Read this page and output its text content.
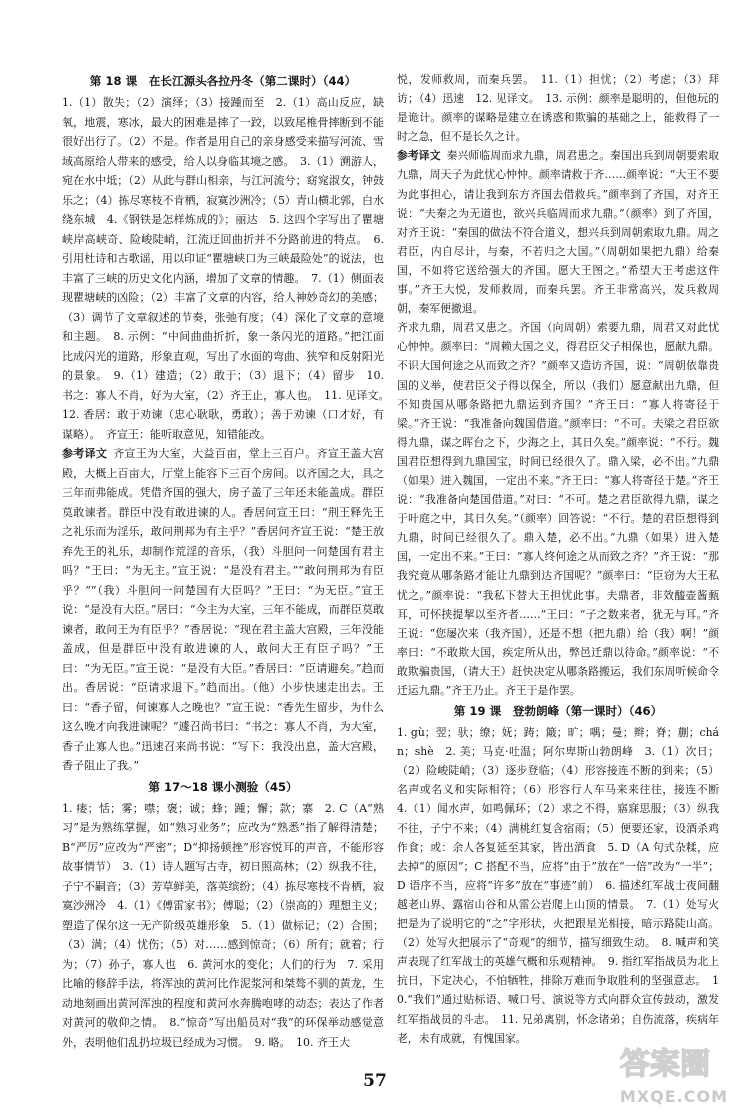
第 18 课　在长江源头各拉丹冬（第二课时）（44）

1.（1）散失；（2）演绎；（3）接踵而至　2.（1）高山反应，缺氧，地震，寒冰，最大的困难是摔了一跤，以致尾椎骨摔断到不能很好出行了。（2）不是。作者是用自己的亲身感受来描写河流、雪域高原给人带来的感受，给人以身临其境之感。　3.（1）溯游人，宛在水中坻；（2）从此与群山相亲，与江河流兮；窈窕淑女，钟鼓乐之；（4）拣尽寒枝不肯栖，寂寞沙洲冷；（5）青山横北郭，白水绕东城　4.《钢铁是怎样炼成的》；丽达　5. 这四个字写出了瞿塘峡岸高峡奇、险峻陡峭，江流迂回曲折并不分路前进的特点。　6. 引用杜诗和古歌谣，用以印证“瞿塘峡口为三峡最险处”的说法，也丰富了三峡的历史文化内涵，增加了文章的情趣。　7.（1）侧面表现瞿塘峡的凶险；（2）丰富了文章的内容，给人神妙奇幻的美感；（3）调节了文章叙述的节奏，张弛有度；（4）深化了文章的意境和主题。　8. 示例：“中间曲曲折折，象一条闪光的道路。”把江面比成闪光的道路，形象直观，写出了水面的弯曲、狭窄和反射阳光的景象。　9.（1）建造；（2）敢于；（3）退下；（4）留步　10. 书之：寡人不肖，好为大室，（2）齐王止，寡人也。　11. 见译文。　12. 香居：敢于劝谏（忠心耿耿，勇敢）；善于劝谏（口才好，有谋略）。　齐宣王：能听取意见，知错能改。

参考译文 齐宣王为大室，大益百亩，堂上三百户。齐宣王盖大宫殿，大概上百亩大，厅堂上能容下三百个房间。以齐国之大，具之三年而弗能成。凭借齐国的强大，房子盖了三年还未能盖成。群臣莫敢谏者。群臣中没有敢进谏的人。香居问宣王曰：“荆王释先王之礼乐而为淫乐，敢问荆邦为有主乎？”香居问齐宣王说：“楚王放弃先王的礼乐，却制作荒淫的音乐，（我）斗胆问一问楚国有君主吗？”王曰：“为无主。”宣王说：“是没有君主。”“敢问荆邦为有臣乎？”“（我）斗胆问一问楚国有大臣吗？”王曰：“为无臣。”宣王说：“是没有大臣。”居曰：“今主为大室，三年不能成，而群臣莫敢谏者，敢问王为有臣乎？”香居说：“现在君主盖大宫殿，三年没能盖成，但是群臣中没有敢进谏的人，敢问大王有臣子吗？”王曰：“为无臣。”宣王说：“是没有大臣。”香居曰：“臣请避矣。”趋而出。香居说：“臣请求退下。”趋而出。（他）小步快速走出去。王曰：“香子留，何谏寡人之晚也？”宣王说：“香先生留步，为什么这么晚才向我进谏呢？”遽召尚书曰：“书之：寡人不肖，为大室，香子止寡人也。”迅速召来尚书说：“写下：我没出息，盖大宫殿，香子阻止了我。”

第 17～18 课小测验（45）

1. 瘘；恬；雾；噤；褒；诚；蜂；踵；懈；款；寨　2. C（A“熟习”是为熟练掌握，如“熟习业务”；应改为“熟悉”指了解得清楚；B“严厉”应改为“严密”；D“抑扬顿挫”形容悦耳的声音，不能形容故事情节）　3.（1）诗人题写古寺，初日照高林；（2）纵我不往，子宁不嗣音；（3）芳草鲜美，落英缤纷；（4）拣尽寒枝不肯栖，寂寞沙洲冷　4.（1）《傅雷家书》；傅聪；（2）（崇高的）理想主义；塑造了保尔这一无产阶级英雄形象　5.（1）做标记；（2）合围；（3）满；（4）忧伤；（5）对……感到惊奇；（6）所有；就着；行为；（7）孙子，寡人也　6. 黄河水的变化；人们的行为　7. 采用比喻的修辞手法，将浑浊的黄河比作泥浆河和桀骜不驯的黄龙，生动地刻画出黄河浑浊的程度和黄河水奔腾咆哮的动态；表达了作者对黄河的敬仰之情。　8.“惊奇”写出船员对“我”的环保举动感觉意外，表明他们乱扔垃圾已经成为习惯。　9. 略。　10. 齐王大

悦，发师救周，而秦兵罢。　11.（1）担忧；（2）考虑；（3）拜访；（4）迅速　12. 见译文。　13. 示例：颜率是聪明的，但他玩的是诡计。颜率的谋略是建立在诱惑和欺骗的基础之上，能救得了一时之急，但不是长久之计。

参考译文 秦兴师临周而求九鼎，周君患之。秦国出兵到周朝要索取九鼎，周天子为此忧心忡忡。颜率请救于齐……颜率说：“大王不要为此事担心，请让我到东方齐国去借救兵。”颜率到了齐国，对齐王说：“夫秦之为无道也，欲兴兵临周而求九鼎。”（颜率）到了齐国，对齐王说：“秦国的做法不符合道义，想兴兵到周朝索取九鼎。周之君臣，内自尽计，与秦，不若归之大国。”（周朝如果把九鼎）给秦国，不如将它送给强大的齐国。愿大王图之。”希望大王考虑这件事。”齐王大悦，发师救周，而秦兵罢。齐王非常高兴，发兵救周朝，秦军便撤退。
齐求九鼎，周君又患之。齐国（向周朝）索要九鼎，周君又对此忧心忡忡。颜率曰：“周赖大国之义，得君臣父子相保也，愿献九鼎。不识大国何途之从而致之齐？”颜率又造访齐国，说：“周朝依靠贵国的义举，使君臣父子得以保全，所以（我们）愿意献出九鼎，但不知贵国从哪条路把九鼎运到齐国？”齐王曰：“寡人将寄径于梁。”齐王说：“我准备向魏国借道。”颜率曰：“不可。夫梁之君臣欲得九鼎，谋之晖台之下，少海之上，其日久矣。”颜率说：“不行。魏国君臣想得到九鼎国宝，时间已经很久了。鼎入梁，必不出。”九鼎（如果）进入魏国，一定出不来。”齐王曰：“寡人将寄径于楚。”齐王说：“我准备向楚国借道。”对曰：“不可。楚之君臣欲得九鼎，谋之于叶庭之中，其日久矣。”（颜率）回答说：“不行。楚的君臣想得到九鼎，时间已经很久了。鼎入楚，必不出。”九鼎（如果）进入楚国，一定出不来。”王曰：“寡人终何途之从而致之齐？”齐王说：“那我究竟从哪条路才能让九鼎到达齐国呢？”颜率曰：“臣窃为大王私忧之。”颜率说：“我私下替大王担忧此事。夫鼎者，非效醯壶酱甀耳，可怀挟提挈以至齐者……”王曰：“子之数来者，犹无与耳。”齐王说：“您屡次来（我齐国），还是不想（把九鼎）给（我）啊！”颜率曰：“不敢欺大国，疾定所从出，弊邑迁鼎以待命。”颜率说：“不敢欺骗贵国，（请大王）赶快决定从哪条路搬运，我们东周听候命令迁运九鼎。”齐王乃止。齐王于是作罢。

第 19 课　登勃朗峰（第一课时）（46）

1. gù；翌；驮；缭；妩；踌；簸；旷；喁；曼；辫；脊；蒯；chán；shè　2. 美；马克·吐温；阿尔卑斯山勃朗峰　3.（1）次日；（2）险峻陡峭；（3）逐步登临；（4）形容接连不断的到来；（5）名声或名义和实际相符；（6）形容行人车马来来往往，接连不断　4.（1）闻水声，如鸣佩环；（2）求之不得，寤寐思服；（3）纵我不往，子宁不来；（4）满桃红复含宿雨；（5）便要还家，设酒杀鸡作食；或：余人各复延至其家，皆出酒食　5. D（A 句式杂糅，应去掉“的原因”；C 搭配不当，应将“由于”放在“一倍”改为“一半”；D 语序不当，应将“许多”放在“事迹”前）　6. 描述红军战士夜间翻越老山界、露宿山谷和从雷公岩爬上山顶的情景。　7.（1）处写火把是为了说明它的“之”字形状，火把跟星光相接，暗示路陡山高。（2）处写火把展示了“奇观”的细节，描写细致生动。　8. 喊声和笑声表现了红军战士的英雄气概和乐观精神。　9. 指红军指战员为北上抗日，下定决心，不怕牺牲，排除万难而争取胜利的坚强意志。　10.“我们”通过贴标语、喊口号、演说等方式向群众宣传鼓动，激发红军指战员的斗志。　11. 兄弟离别，怀念诸弟；自伤流落，疾病年老，未有成就，有愧国家。

57	答案圈
MXQE.COM
